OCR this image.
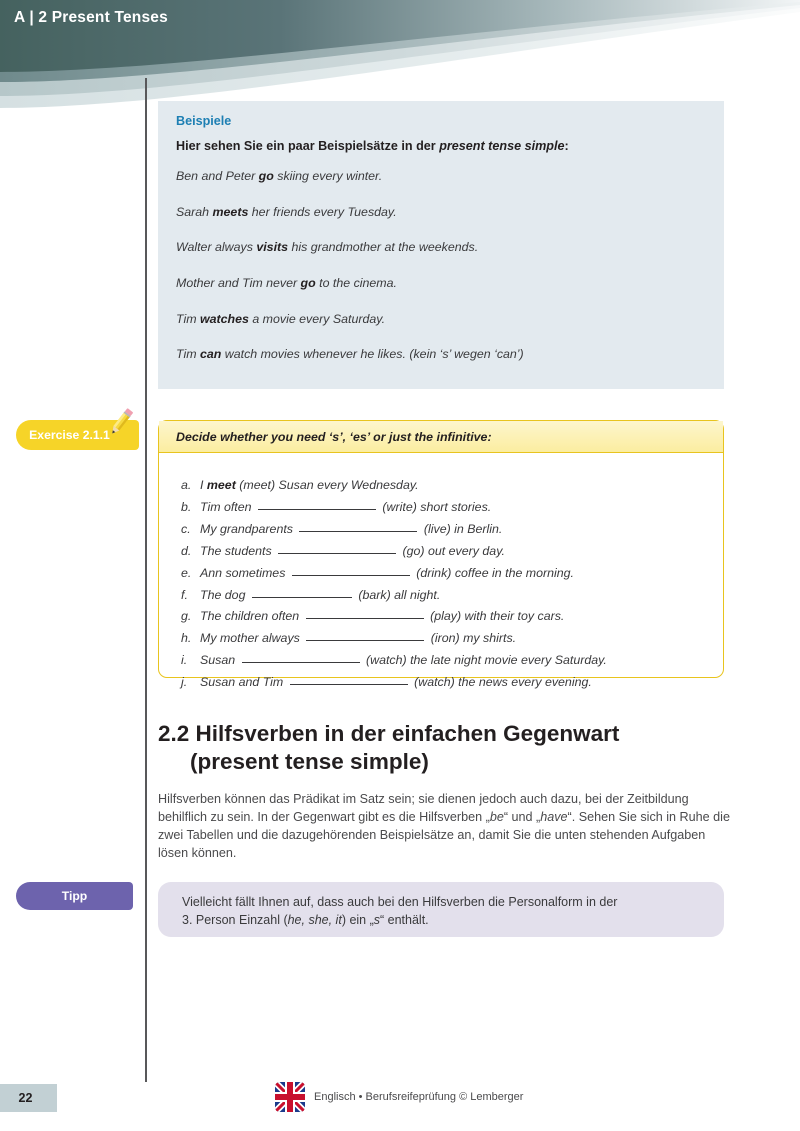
A | 2 Present Tenses
Beispiele
Hier sehen Sie ein paar Beispielsätze in der present tense simple:

Ben and Peter go skiing every winter.

Sarah meets her friends every Tuesday.

Walter always visits his grandmother at the weekends.

Mother and Tim never go to the cinema.

Tim watches a movie every Saturday.

Tim can watch movies whenever he likes. (kein ‘s’ wegen ‘can’)

Exercise 2.1.1	Decide whether you need ‘s’, ‘es’ or just the infinitive:
a. I meet (meet) Susan every Wednesday.
b. Tim often	(write) short stories.
c. My grandparents	(live) in Berlin.
d. The students	(go) out every day.
e. Ann sometimes	(drink) coffee in the morning.
f. The dog	(bark) all night.
g. The children often	(play) with their toy cars.
h. My mother always	(iron) my shirts.
i.	Susan	(watch) the late night movie every Saturday.
j.	Susan and Tim	(watch) the news every evening.
2.2 Hilfsverben in der einfachen Gegenwart
(present tense simple)

Hilfsverben können das Prädikat im Satz sein; sie dienen jedoch auch dazu, bei der Zeitbildung behilflich zu sein. In der Gegenwart gibt es die Hilfsverben „be“ und „have“. Sehen Sie sich in Ruhe die zwei Tabellen und die dazugehörenden Beispielsätze an, damit Sie die unten stehenden Aufgaben lösen können.

Tipp	Vielleicht fällt Ihnen auf, dass auch bei den Hilfsverben die Personalform in der

3. Person Einzahl (he, she, it) ein „s“ enthält.

22	Englisch • Berufsreifeprüfung © Lemberger
